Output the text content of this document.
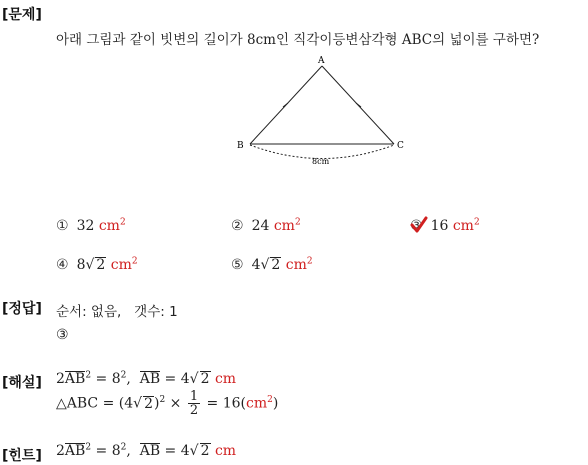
[문제]
[정답]
[해설]
[힌트]
아래 그림과 같이 빗변의 길이가 8cm인 직각이등변삼각형 ABC의 넓이를 구하면?
A
B	C
8cm
① 32 $cm^2$	② 24 $cm^2$	③ 16 $cm^2$
④ 8√ 2 $cm^2$	⑤ 4√ 2 $cm^2$
순서: 없음,   갯수: 1
③
$2AB^2 = 8^2$,  AB = 4√ 2 cm
△ABC = (4√ $2)^2 \times \frac{1}{2} = 16(cm^2)$
$2AB^2 = 8^2$,  AB = 4√ 2 cm
